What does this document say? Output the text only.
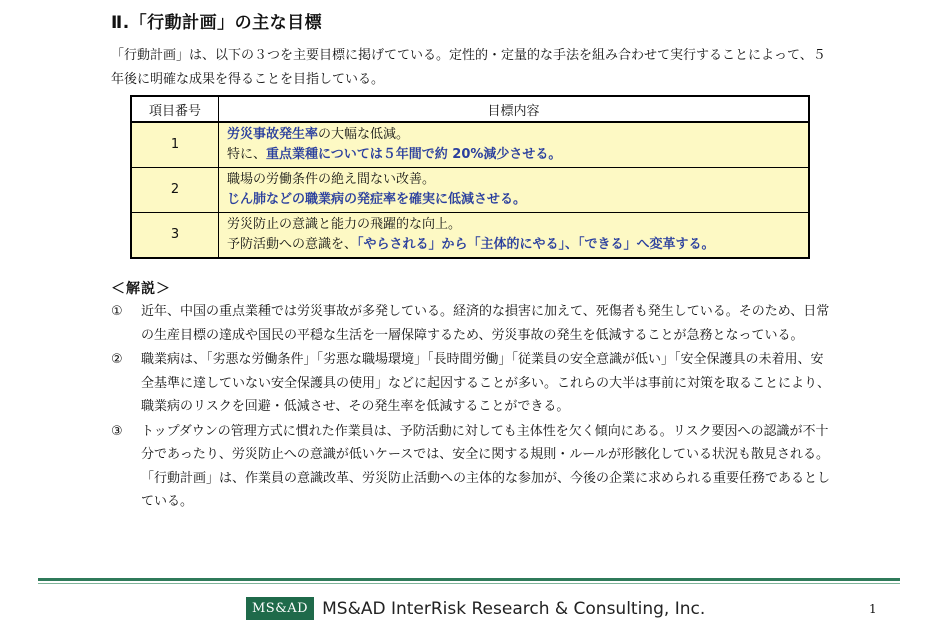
Ⅱ.「行動計画」の主な目標
「行動計画」は、以下の３つを主要目標に掲げてている。定性的・定量的な手法を組み合わせて実行することによって、５年後に明確な成果を得ることを目指している。
項目番号	目標内容
1	労災事故発生率の大幅な低減。
特に、重点業種については５年間で約 20%減少させる。
2	職場の労働条件の絶え間ない改善。
じん肺などの職業病の発症率を確実に低減させる。
3	労災防止の意識と能力の飛躍的な向上。
予防活動への意識を、「やらされる」から「主体的にやる」、「できる」へ変革する。
＜解説＞
①	近年、中国の重点業種では労災事故が多発している。経済的な損害に加えて、死傷者も発生している。そのため、日常の生産目標の達成や国民の平穏な生活を一層保障するため、労災事故の発生を低減することが急務となっている。
②	職業病は、「劣悪な労働条件」「劣悪な職場環境」「長時間労働」「従業員の安全意識が低い」「安全保護具の未着用、安全基準に達していない安全保護具の使用」などに起因することが多い。これらの大半は事前に対策を取ることにより、職業病のリスクを回避・低減させ、その発生率を低減することができる。
③	トップダウンの管理方式に慣れた作業員は、予防活動に対しても主体性を欠く傾向にある。リスク要因への認識が不十分であったり、労災防止への意識が低いケースでは、安全に関する規則・ルールが形骸化している状況も散見される。「行動計画」は、作業員の意識改革、労災防止活動への主体的な参加が、今後の企業に求められる重要任務であるとしている。
MS&AD MS&AD InterRisk Research & Consulting, Inc.	1
